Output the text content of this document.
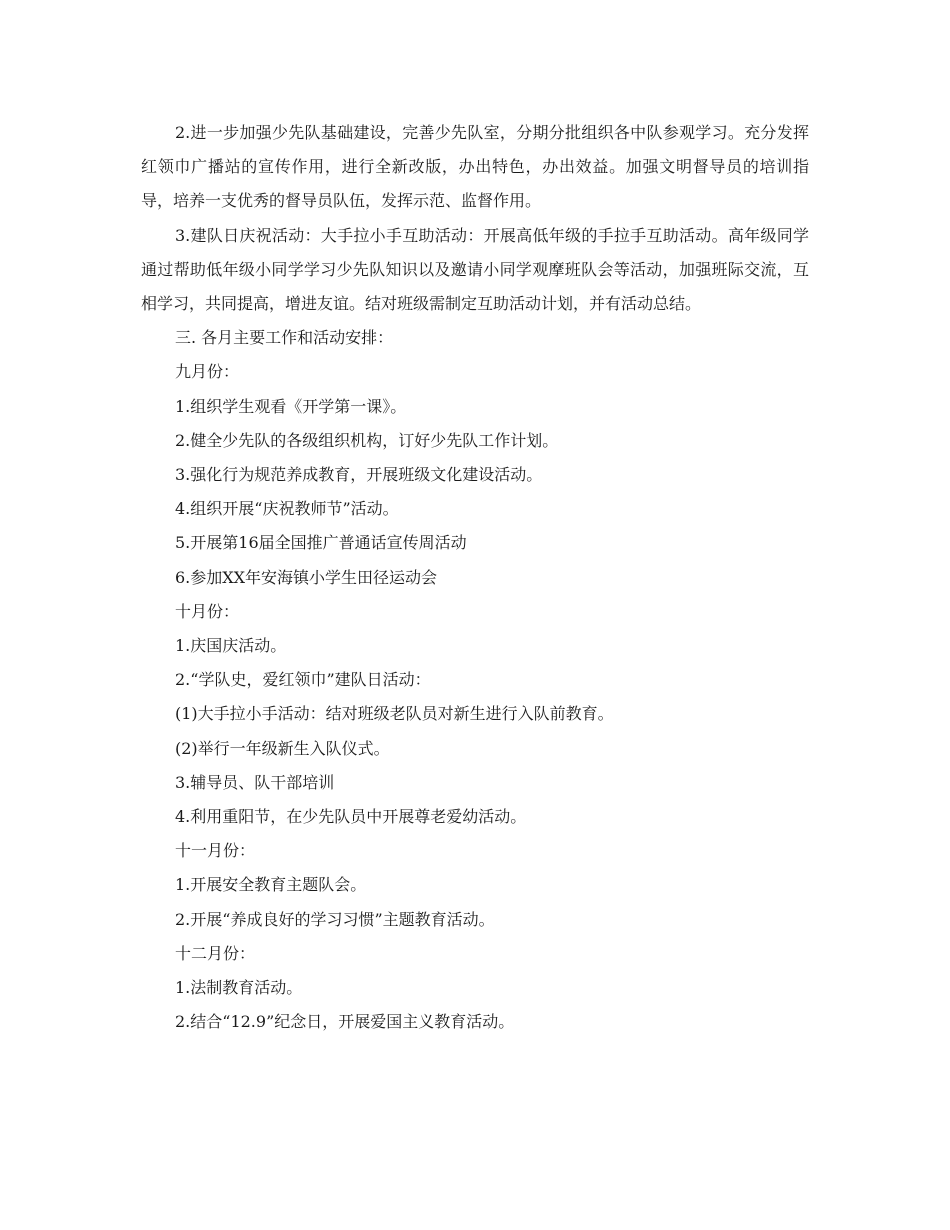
2.进一步加强少先队基础建设，完善少先队室，分期分批组织各中队参观学习。充分发挥红领巾广播站的宣传作用，进行全新改版，办出特色，办出效益。加强文明督导员的培训指导，培养一支优秀的督导员队伍，发挥示范、监督作用。

3.建队日庆祝活动：大手拉小手互助活动：开展高低年级的手拉手互助活动。高年级同学通过帮助低年级小同学学习少先队知识以及邀请小同学观摩班队会等活动，加强班际交流，互相学习，共同提高，增进友谊。结对班级需制定互助活动计划，并有活动总结。

三. 各月主要工作和活动安排：

九月份：

1.组织学生观看《开学第一课》。

2.健全少先队的各级组织机构，订好少先队工作计划。

3.强化行为规范养成教育，开展班级文化建设活动。

4.组织开展“庆祝教师节”活动。

5.开展第16届全国推广普通话宣传周活动

6.参加XX年安海镇小学生田径运动会

十月份：

1.庆国庆活动。

2.“学队史，爱红领巾”建队日活动：

(1)大手拉小手活动：结对班级老队员对新生进行入队前教育。

(2)举行一年级新生入队仪式。

3.辅导员、队干部培训

4.利用重阳节，在少先队员中开展尊老爱幼活动。

十一月份：

1.开展安全教育主题队会。

2.开展“养成良好的学习习惯”主题教育活动。

十二月份：

1.法制教育活动。

2.结合“12.9”纪念日，开展爱国主义教育活动。
